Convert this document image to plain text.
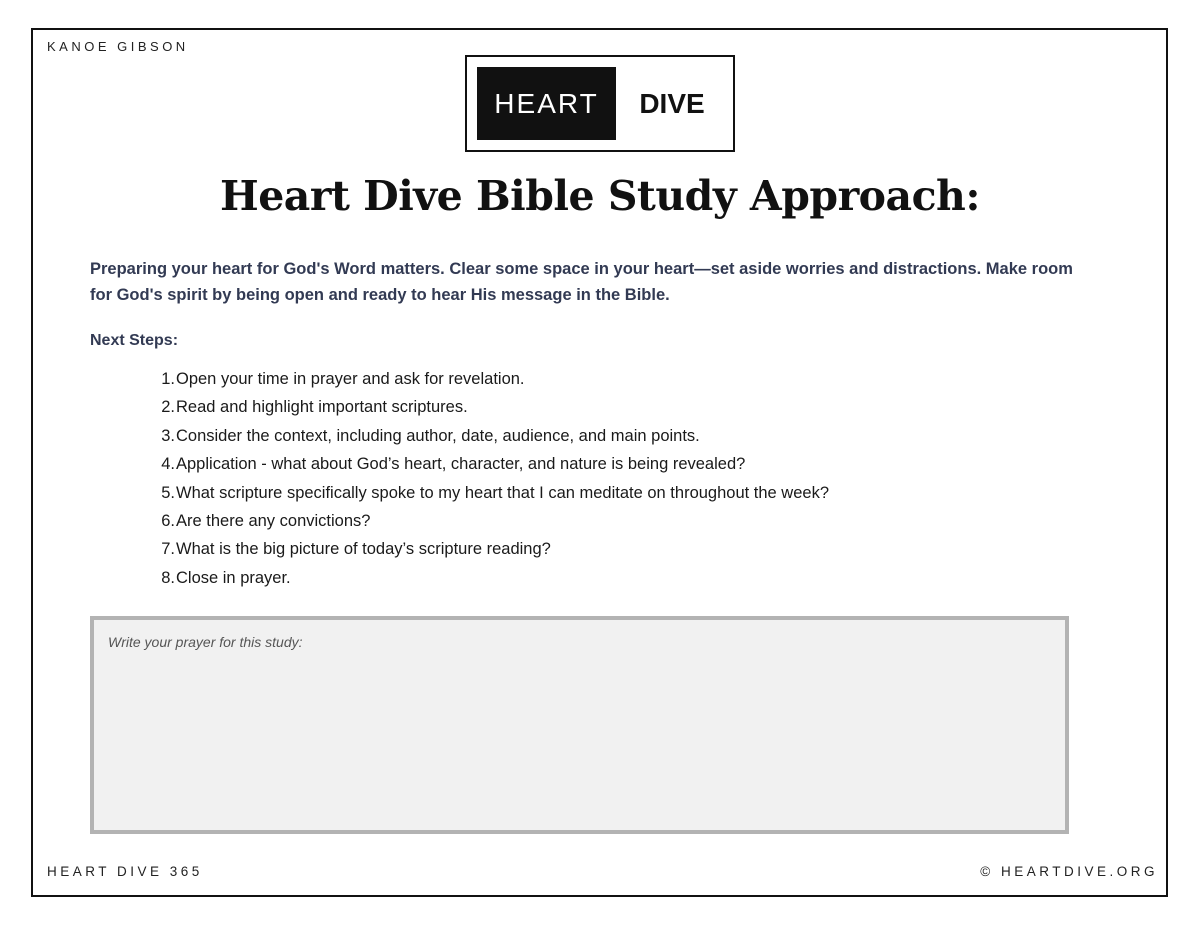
KANOE GIBSON
HEART	DIVE
Heart Dive Bible Study Approach:
Preparing your heart for God's Word matters. Clear some space in your heart—set aside worries and distractions. Make room for God's spirit by being open and ready to hear His message in the Bible.
Next Steps:
1. Open your time in prayer and ask for revelation.
2. Read and highlight important scriptures.
3. Consider the context, including author, date, audience, and main points.
4. Application - what about God’s heart, character, and nature is being revealed?
5. What scripture specifically spoke to my heart that I can meditate on throughout the week?
6. Are there any convictions?
7. What is the big picture of today’s scripture reading?
8. Close in prayer.
Write your prayer for this study:
HEART DIVE 365	© HEARTDIVE.ORG
